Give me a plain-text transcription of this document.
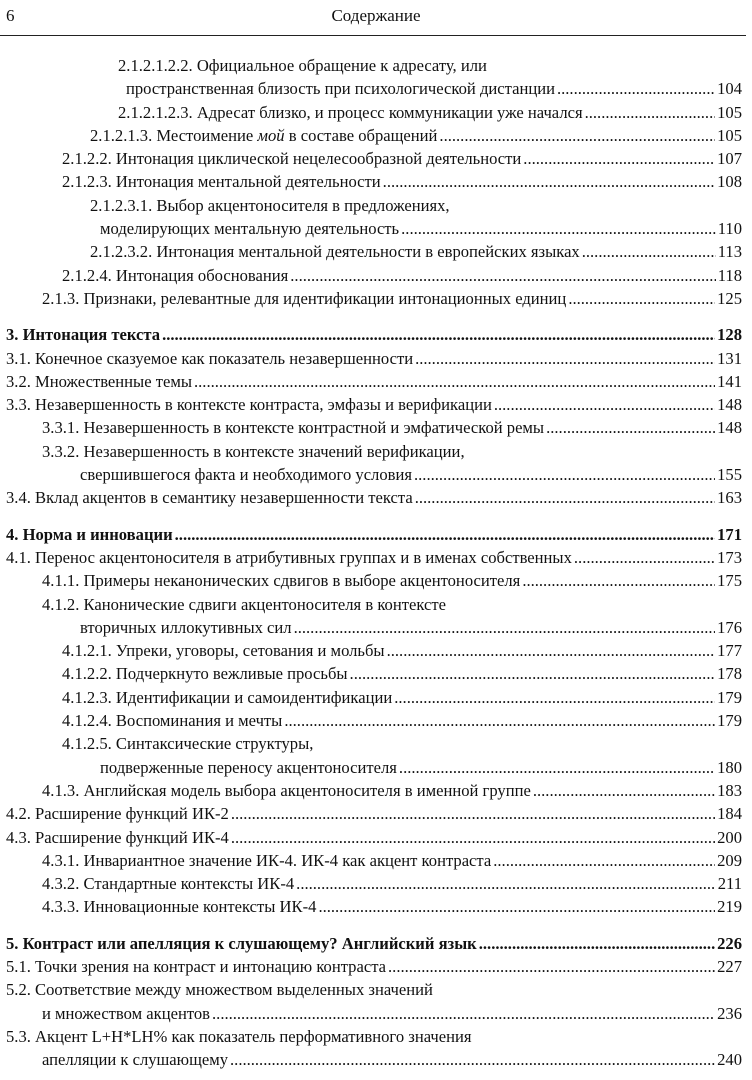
6	Содержание
2.1.2.1.2.2. Официальное обращение к адресату, или
пространственная близость при психологической дистанции .....	104
2.1.2.1.2.3. Адресат близко, и процесс коммуникации уже начался .....	105
2.1.2.1.3. Местоимение мой в составе обращений .....	105
2.1.2.2. Интонация циклической нецелесообразной деятельности .....	107
2.1.2.3. Интонация ментальной деятельности .....	108
2.1.2.3.1. Выбор акцентоносителя в предложениях,
моделирующих ментальную деятельность .....	110
2.1.2.3.2. Интонация ментальной деятельности в европейских языках .....	113
2.1.2.4. Интонация обоснования .....	118
2.1.3. Признаки, релевантные для идентификации интонационных единиц .....	125
3. Интонация текста .....	128
3.1. Конечное сказуемое как показатель незавершенности .....	131
3.2. Множественные темы .....	141
3.3. Незавершенность в контексте контраста, эмфазы и верификации .....	148
3.3.1. Незавершенность в контексте контрастной и эмфатической ремы .....	148
3.3.2. Незавершенность в контексте значений верификации,
свершившегося факта и необходимого условия .....	155
3.4. Вклад акцентов в семантику незавершенности текста .....	163
4. Норма и инновации .....	171
4.1. Перенос акцентоносителя в атрибутивных группах и в именах собственных .....	173
4.1.1. Примеры неканонических сдвигов в выборе акцентоносителя .....	175
4.1.2. Канонические сдвиги акцентоносителя в контексте
вторичных иллокутивных сил .....	176
4.1.2.1. Упреки, уговоры, сетования и мольбы .....	177
4.1.2.2. Подчеркнуто вежливые просьбы .....	178
4.1.2.3. Идентификации и самоидентификации .....	179
4.1.2.4. Воспоминания и мечты .....	179
4.1.2.5. Синтаксические структуры,
подверженные переносу акцентоносителя .....	180
4.1.3. Английская модель выбора акцентоносителя в именной группе .....	183
4.2. Расширение функций ИК-2 .....	184
4.3. Расширение функций ИК-4 .....	200
4.3.1. Инвариантное значение ИК-4. ИК-4 как акцент контраста .....	209
4.3.2. Стандартные контексты ИК-4 .....	211
4.3.3. Инновационные контексты ИК-4 .....	219
5. Контраст или апелляция к слушающему? Английский язык .....	226
5.1. Точки зрения на контраст и интонацию контраста .....	227
5.2. Соответствие между множеством выделенных значений
и множеством акцентов .....	236
5.3. Акцент L+H*LH% как показатель перформативного значения
апелляции к слушающему .....	240
